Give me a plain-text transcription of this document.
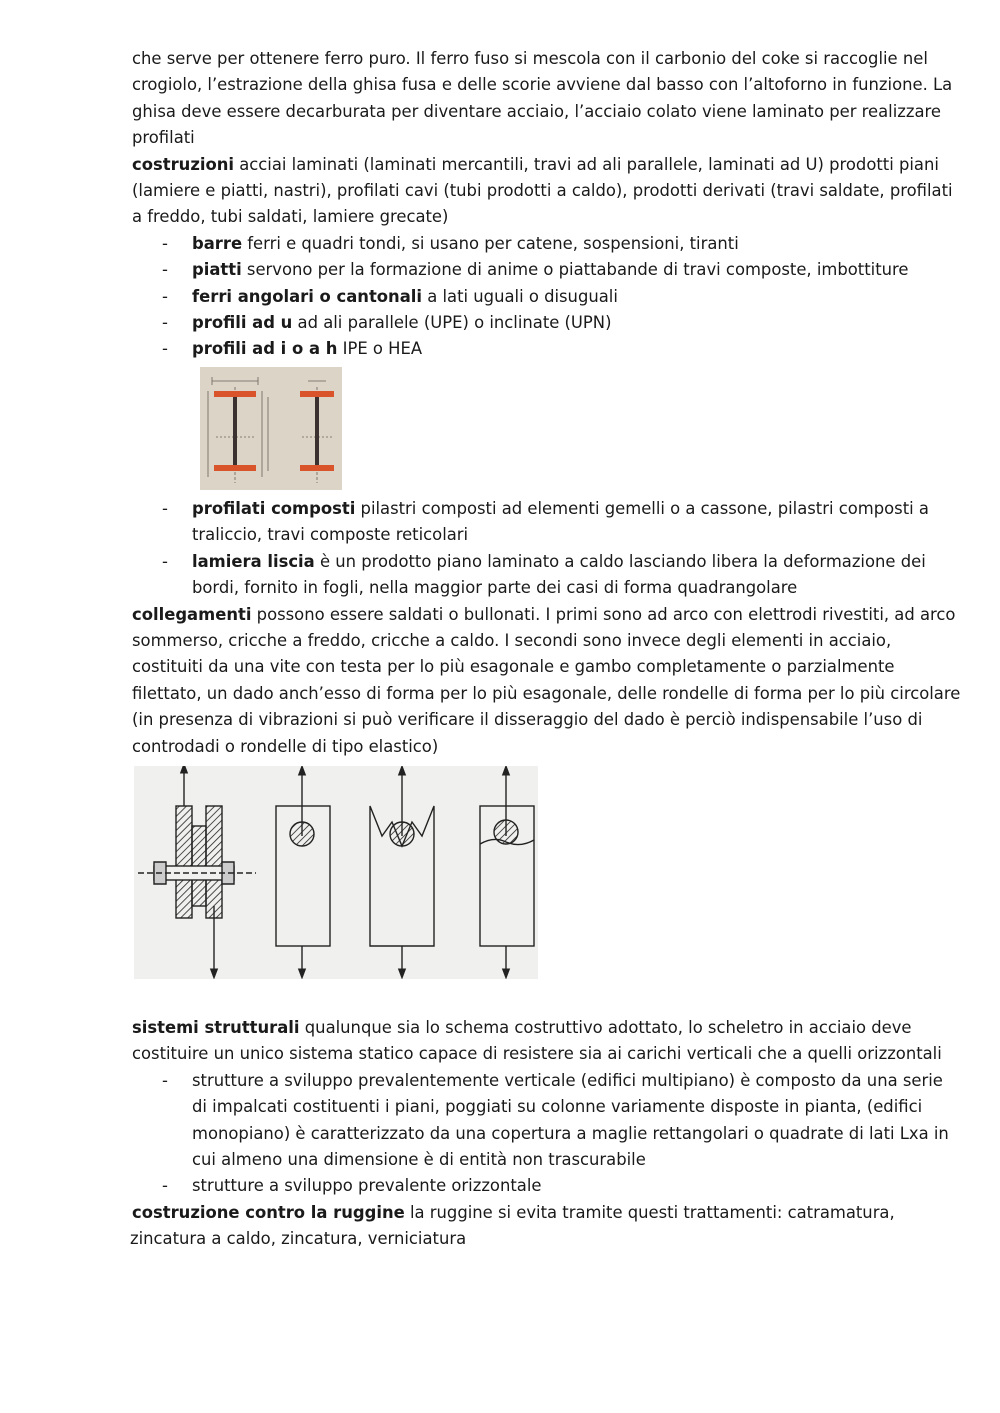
che serve per ottenere ferro puro. Il ferro fuso si mescola con il carbonio del coke si raccoglie nel crogiolo, l’estrazione della ghisa fusa e delle scorie avviene dal basso con l’altoforno in funzione. La ghisa deve essere decarburata per diventare acciaio, l’acciaio colato viene laminato per realizzare profilati

costruzioni acciai laminati (laminati mercantili, travi ad ali parallele, laminati ad U) prodotti piani (lamiere e piatti, nastri), profilati cavi (tubi prodotti a caldo), prodotti derivati (travi saldate, profilati a freddo, tubi saldati, lamiere grecate)

- barre ferri e quadri tondi, si usano per catene, sospensioni, tiranti
- piatti servono per la formazione di anime o piattabande di travi composte, imbottiture
- ferri angolari o cantonali a lati uguali o disuguali
- profili ad u ad ali parallele (UPE) o inclinate (UPN)
- profili ad i o a h IPE o HEA
- profilati composti pilastri composti ad elementi gemelli o a cassone, pilastri composti a traliccio, travi composte reticolari
- lamiera liscia è un prodotto piano laminato a caldo lasciando libera la deformazione dei bordi, fornito in fogli, nella maggior parte dei casi di forma quadrangolare

collegamenti possono essere saldati o bullonati. I primi sono ad arco con elettrodi rivestiti, ad arco sommerso, cricche a freddo, cricche a caldo. I secondi sono invece degli elementi in acciaio, costituiti da una vite con testa per lo più esagonale e gambo completamente o parzialmente filettato, un dado anch’esso di forma per lo più esagonale, delle rondelle di forma per lo più circolare (in presenza di vibrazioni si può verificare il disseraggio del dado è perciò indispensabile l’uso di controdadi o rondelle di tipo elastico)

sistemi strutturali qualunque sia lo schema costruttivo adottato, lo scheletro in acciaio deve costituire un unico sistema statico capace di resistere sia ai carichi verticali che a quelli orizzontali

- strutture a sviluppo prevalentemente verticale (edifici multipiano) è composto da una serie di impalcati costituenti i piani, poggiati su colonne variamente disposte in pianta, (edifici monopiano) è caratterizzato da una copertura a maglie rettangolari o quadrate di lati Lxa in cui almeno una dimensione è di entità non trascurabile
- strutture a sviluppo prevalente orizzontale

costruzione contro la ruggine la ruggine si evita tramite questi trattamenti: catramatura,

zincatura a caldo, zincatura, verniciatura
